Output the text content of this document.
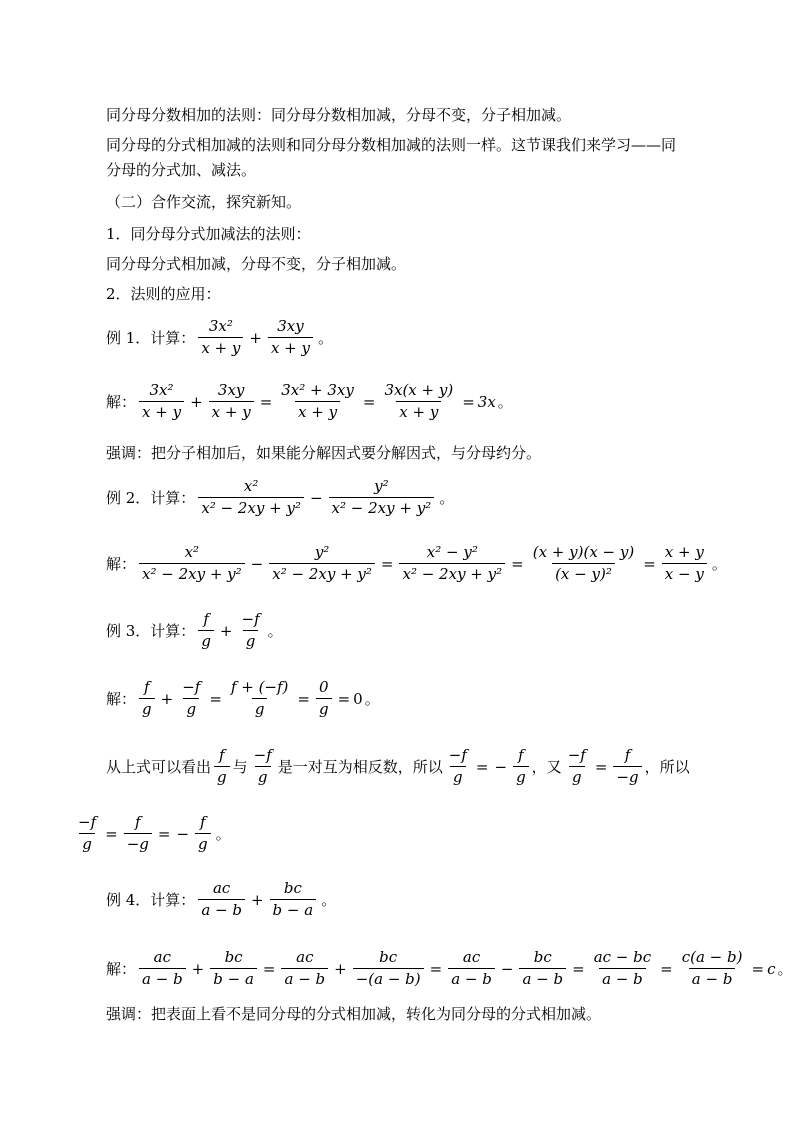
同分母分数相加的法则：同分母分数相加减，分母不变，分子相加减。
同分母的分式相加减的法则和同分母分数相加减的法则一样。这节课我们来学习——同
分母的分式加、减法。
（二）合作交流，探究新知。
1．同分母分式加减法的法则：
同分母分式相加减，分母不变，分子相加减。
2．法则的应用：
例 1．计算： $\frac{\text{3x²}}{x + y} + \frac{3xy}{x + y}$ 。
解： $\frac{\text{3x²}}{x + y} + \frac{3xy}{x + y} = \frac{\text{3x² + 3xy}}{x + y} = \frac{3x(x + y)}{x + y} = 3x$ 。
强调：把分子相加后，如果能分解因式要分解因式，与分母约分。
例 2．计算： $\frac{\text{x²}}{\text{x² − 2xy + y²}} - \frac{\text{y²}}{\text{x² − 2xy + y²}}$ 。
解： $\frac{\text{x²}}{\text{x² − 2xy + y²}} - \frac{\text{y²}}{\text{x² − 2xy + y²}} = \frac{\text{x² − y²}}{\text{x² − 2xy + y²}} = \frac{(x + y)(x - y)}{\text{(x − y)²}} = \frac{x + y}{x - y}$ 。
例 3．计算： $\frac{f}{g} + \frac{-f}{g}$ 。
解： $\frac{f}{g} + \frac{-f}{g} = \frac{f + (-f)}{g} = \frac{0}{g} = 0$ 。
从上式可以看出 $\frac{f}{g}$ 与 $\frac{-f}{g}$ 是一对互为相反数，所以 $\frac{-f}{g}$ = − $\frac{f}{g}$ ，又 $\frac{-f}{g} = \frac{f}{-g}$ ，所以
$\frac{-f}{g} = \frac{f}{-g}$ = − $\frac{f}{g}$ 。
例 4．计算： $\frac{ac}{a - b} + \frac{bc}{b - a}$ 。
解： $\frac{ac}{a - b} + \frac{bc}{b - a} = \frac{ac}{a - b} + \frac{bc}{-(a - b)} = \frac{ac}{a - b} - \frac{bc}{a - b} = \frac{ac - bc}{a - b} = \frac{c(a - b)}{a - b} = c$ 。
强调：把表面上看不是同分母的分式相加减，转化为同分母的分式相加减。
